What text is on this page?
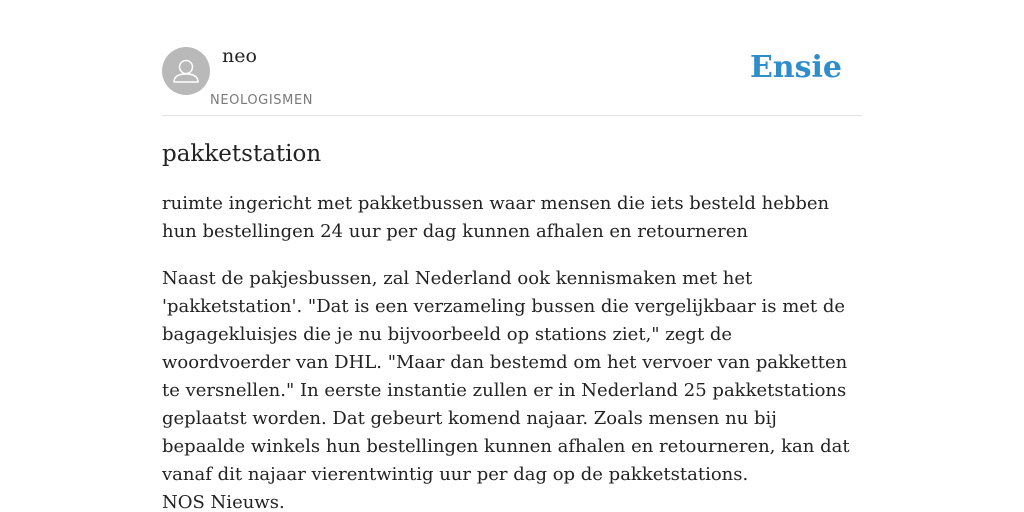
neo
NEOLOGISMEN
Ensie
pakketstation

ruimte ingericht met pakketbussen waar mensen die iets besteld hebben hun bestellingen 24 uur per dag kunnen afhalen en retourneren

Naast de pakjesbussen, zal Nederland ook kennismaken met het 'pakketstation'. "Dat is een verzameling bussen die vergelijkbaar is met de bagagekluisjes die je nu bijvoorbeeld op stations ziet," zegt de woordvoerder van DHL. "Maar dan bestemd om het vervoer van pakketten te versnellen." In eerste instantie zullen er in Nederland 25 pakketstations geplaatst worden. Dat gebeurt komend najaar. Zoals mensen nu bij bepaalde winkels hun bestellingen kunnen afhalen en retourneren, kan dat vanaf dit najaar vierentwintig uur per dag op de pakketstations.
NOS Nieuws.
